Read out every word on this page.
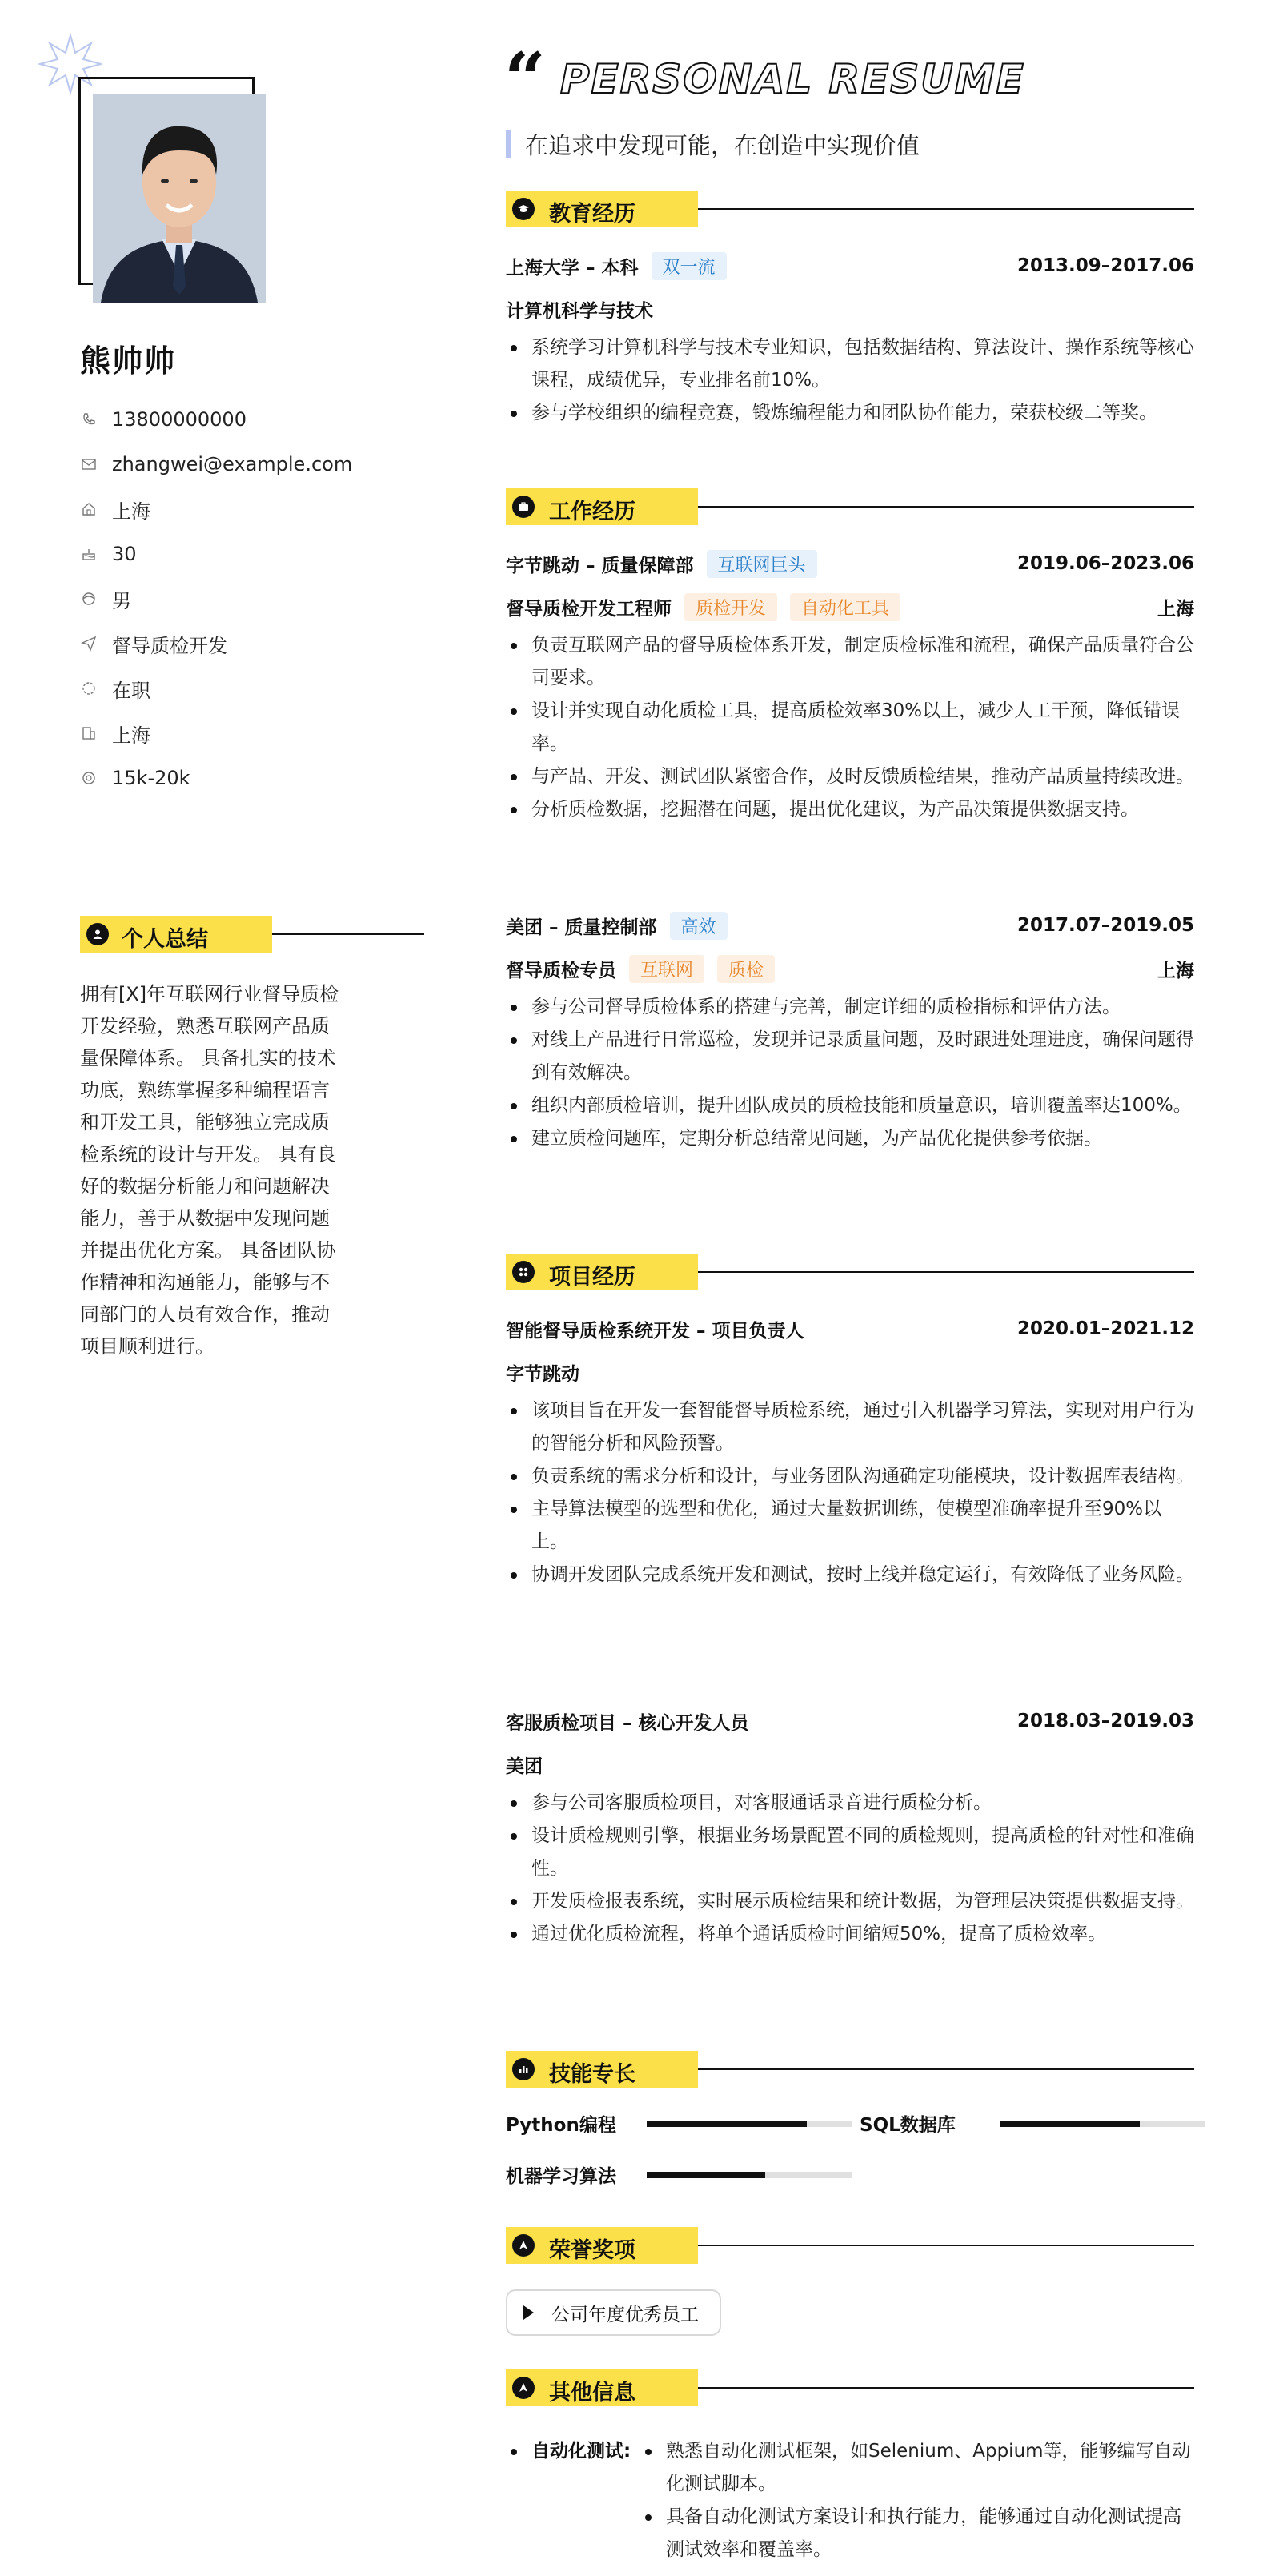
熊帅帅
13800000000
zhangwei@example.com
上海
30
男
督导质检开发
在职
上海
15k-20k
个人总结
拥有[X]年互联网行业督导质检开发经验，熟悉互联网产品质量保障体系。 具备扎实的技术功底，熟练掌握多种编程语言和开发工具，能够独立完成质检系统的设计与开发。 具有良好的数据分析能力和问题解决能力，善于从数据中发现问题并提出优化方案。 具备团队协作精神和沟通能力，能够与不同部门的人员有效合作，推动项目顺利进行。
“ PERSONAL RESUME
在追求中发现可能，在创造中实现价值
教育经历
上海大学 – 本科	双一流	2013.09–2017.06
计算机科学与技术
系统学习计算机科学与技术专业知识，包括数据结构、算法设计、操作系统等核心课程，成绩优异，专业排名前10%。
参与学校组织的编程竞赛，锻炼编程能力和团队协作能力，荣获校级二等奖。
工作经历
字节跳动 – 质量保障部	互联网巨头	2019.06–2023.06
督导质检开发工程师	质检开发	自动化工具	上海
负责互联网产品的督导质检体系开发，制定质检标准和流程，确保产品质量符合公司要求。
设计并实现自动化质检工具，提高质检效率30%以上，减少人工干预，降低错误率。
与产品、开发、测试团队紧密合作，及时反馈质检结果，推动产品质量持续改进。
分析质检数据，挖掘潜在问题，提出优化建议，为产品决策提供数据支持。
美团 – 质量控制部	高效	2017.07–2019.05
督导质检专员	互联网	质检	上海
参与公司督导质检体系的搭建与完善，制定详细的质检指标和评估方法。
对线上产品进行日常巡检，发现并记录质量问题，及时跟进处理进度，确保问题得到有效解决。
组织内部质检培训，提升团队成员的质检技能和质量意识，培训覆盖率达100%。
建立质检问题库，定期分析总结常见问题，为产品优化提供参考依据。
项目经历
智能督导质检系统开发 – 项目负责人	2020.01–2021.12
字节跳动
该项目旨在开发一套智能督导质检系统，通过引入机器学习算法，实现对用户行为的智能分析和风险预警。
负责系统的需求分析和设计，与业务团队沟通确定功能模块，设计数据库表结构。
主导算法模型的选型和优化，通过大量数据训练，使模型准确率提升至90%以上。
协调开发团队完成系统开发和测试，按时上线并稳定运行，有效降低了业务风险。
客服质检项目 – 核心开发人员	2018.03–2019.03
美团
参与公司客服质检项目，对客服通话录音进行质检分析。
设计质检规则引擎，根据业务场景配置不同的质检规则，提高质检的针对性和准确性。
开发质检报表系统，实时展示质检结果和统计数据，为管理层决策提供数据支持。
通过优化质检流程，将单个通话质检时间缩短50%，提高了质检效率。
技能专长
Python编程	SQL数据库
机器学习算法
荣誉奖项
公司年度优秀员工
其他信息
自动化测试:	熟悉自动化测试框架，如Selenium、Appium等，能够编写自动化测试脚本。
具备自动化测试方案设计和执行能力，能够通过自动化测试提高测试效率和覆盖率。
